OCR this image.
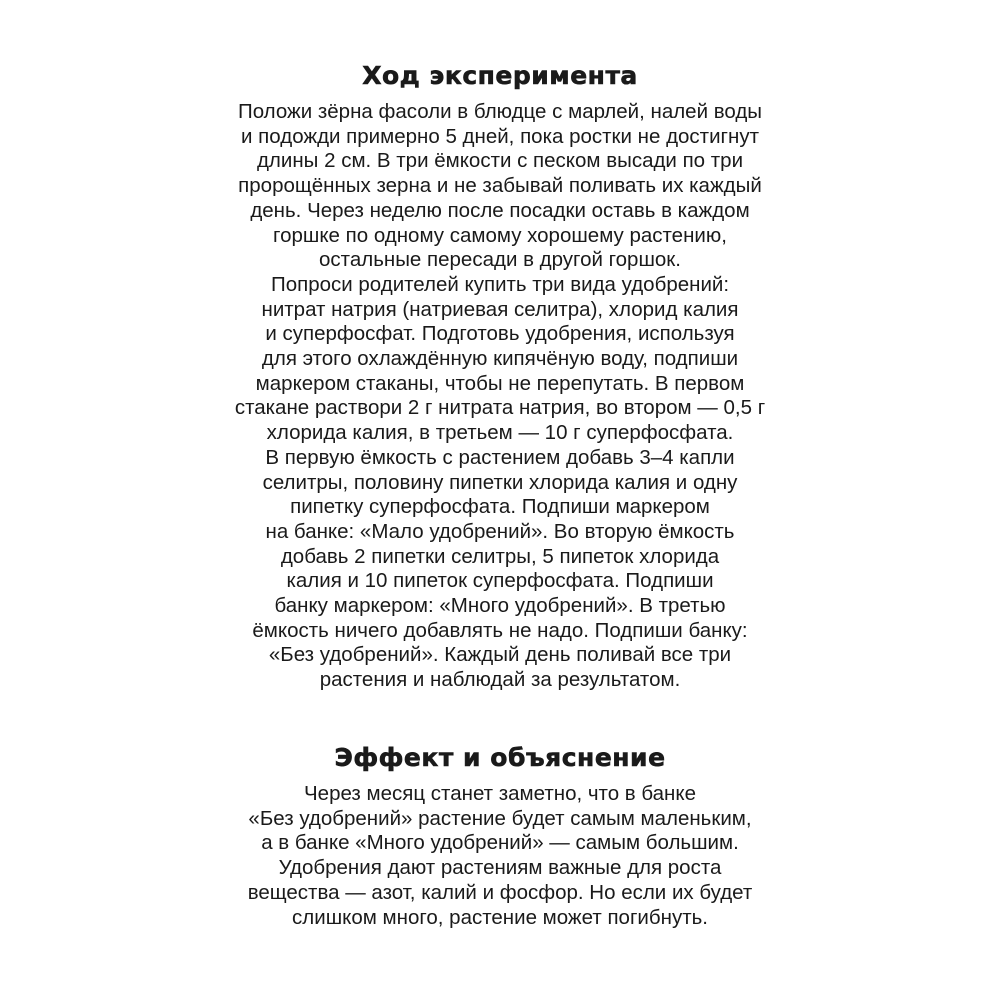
Ход эксперимента

Положи зёрна фасоли в блюдце с марлей, налей воды
и подожди примерно 5 дней, пока ростки не достигнут
длины 2 см. В три ёмкости с песком высади по три
пророщённых зерна и не забывай поливать их каждый
день. Через неделю после посадки оставь в каждом
горшке по одному самому хорошему растению,
остальные пересади в другой горшок.
Попроси родителей купить три вида удобрений:
нитрат натрия (натриевая селитра), хлорид калия
и суперфосфат. Подготовь удобрения, используя
для этого охлаждённую кипячёную воду, подпиши
маркером стаканы, чтобы не перепутать. В первом
стакане раствори 2 г нитрата натрия, во втором — 0,5 г
хлорида калия, в третьем — 10 г суперфосфата.
В первую ёмкость с растением добавь 3–4 капли
селитры, половину пипетки хлорида калия и одну
пипетку суперфосфата. Подпиши маркером
на банке: «Мало удобрений». Во вторую ёмкость
добавь 2 пипетки селитры, 5 пипеток хлорида
калия и 10 пипеток суперфосфата. Подпиши
банку маркером: «Много удобрений». В третью
ёмкость ничего добавлять не надо. Подпиши банку:
«Без удобрений». Каждый день поливай все три
растения и наблюдай за результатом.

Эффект и объяснение

Через месяц станет заметно, что в банке
«Без удобрений» растение будет самым маленьким,
а в банке «Много удобрений» — самым большим.
Удобрения дают растениям важные для роста
вещества — азот, калий и фосфор. Но если их будет
слишком много, растение может погибнуть.
